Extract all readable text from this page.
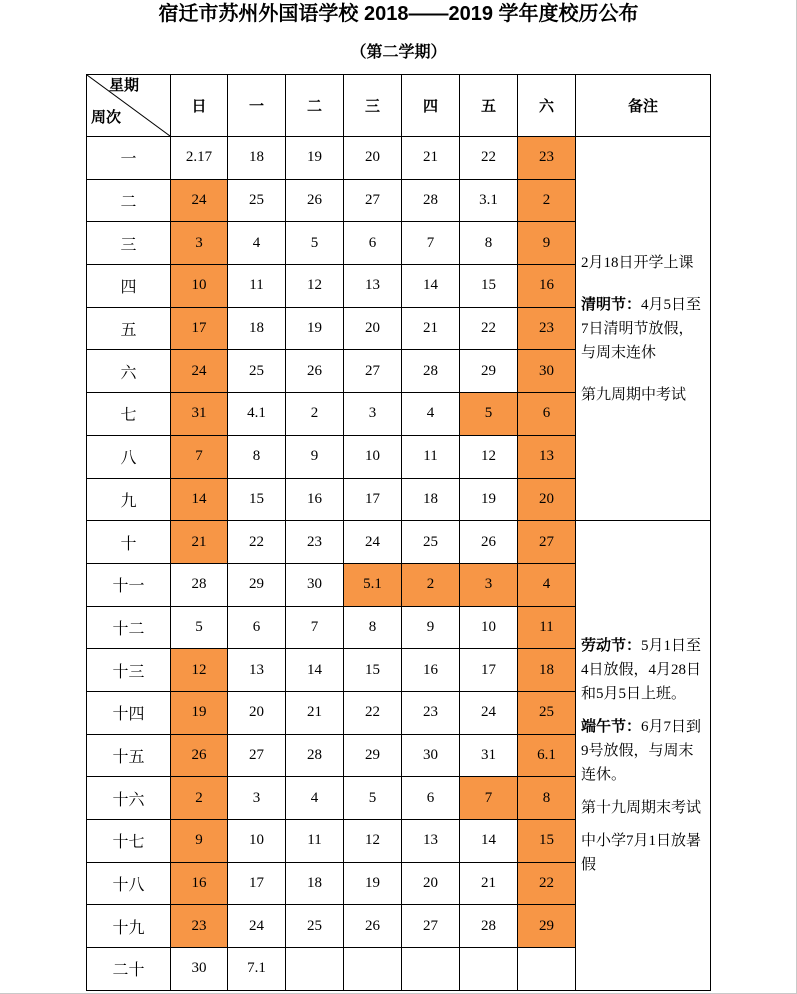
宿迁市苏州外国语学校 2018——2019 学年度校历公布
（第二学期）
星期
周次
日	一	二	三	四	五	六	备注
一	2.17	18	19	20	21	22	23
二	24	25	26	27	28	3.1	2
三	3	4	5	6	7	8	9
四	10	11	12	13	14	15	16
五	17	18	19	20	21	22	23
六	24	25	26	27	28	29	30
七	31	4.1	2	3	4	5	6
八	7	8	9	10	11	12	13
九	14	15	16	17	18	19	20
十	21	22	23	24	25	26	27
十一	28	29	30	5.1	2	3	4
十二	5	6	7	8	9	10	11
十三	12	13	14	15	16	17	18
十四	19	20	21	22	23	24	25
十五	26	27	28	29	30	31	6.1
十六	2	3	4	5	6	7	8
十七	9	10	11	12	13	14	15
十八	16	17	18	19	20	21	22
十九	23	24	25	26	27	28	29
二十	30	7.1

2月18日开学上课

清明节：4月5日至7日清明节放假，与周末连休

第九周期中考试

劳动节：5月1日至4日放假，4月28日和5月5日上班。

端午节：6月7日到9号放假，与周末连休。

第十九周期末考试

中小学7月1日放暑假
